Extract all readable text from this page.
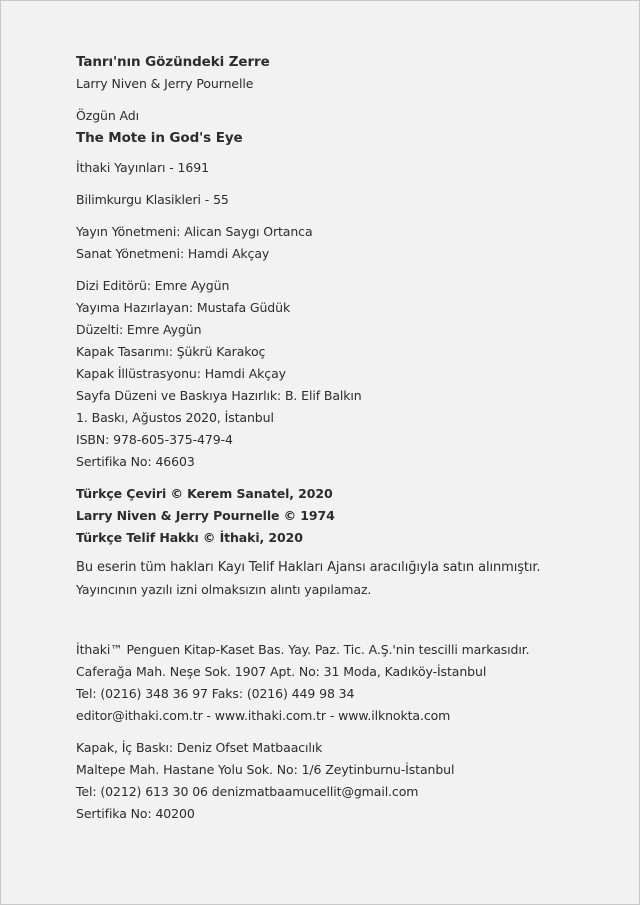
Tanrı'nın Gözündeki Zerre
Larry Niven & Jerry Pournelle
Özgün Adı
The Mote in God's Eye
İthaki Yayınları - 1691
Bilimkurgu Klasikleri - 55
Yayın Yönetmeni: Alican Saygı Ortanca
Sanat Yönetmeni: Hamdi Akçay
Dizi Editörü: Emre Aygün
Yayıma Hazırlayan: Mustafa Güdük
Düzelti: Emre Aygün
Kapak Tasarımı: Şükrü Karakoç
Kapak İllüstrasyonu: Hamdi Akçay
Sayfa Düzeni ve Baskıya Hazırlık: B. Elif Balkın
1. Baskı, Ağustos 2020, İstanbul
ISBN: 978-605-375-479-4
Sertifika No: 46603
Türkçe Çeviri © Kerem Sanatel, 2020
Larry Niven & Jerry Pournelle © 1974
Türkçe Telif Hakkı © İthaki, 2020
Bu eserin tüm hakları Kayı Telif Hakları Ajansı aracılığıyla satın alınmıştır.
Yayıncının yazılı izni olmaksızın alıntı yapılamaz.
İthaki™ Penguen Kitap-Kaset Bas. Yay. Paz. Tic. A.Ş.'nin tescilli markasıdır.
Caferağa Mah. Neşe Sok. 1907 Apt. No: 31 Moda, Kadıköy-İstanbul
Tel: (0216) 348 36 97 Faks: (0216) 449 98 34
editor@ithaki.com.tr - www.ithaki.com.tr - www.ilknokta.com
Kapak, İç Baskı: Deniz Ofset Matbaacılık
Maltepe Mah. Hastane Yolu Sok. No: 1/6 Zeytinburnu-İstanbul
Tel: (0212) 613 30 06 denizmatbaamucellit@gmail.com
Sertifika No: 40200
